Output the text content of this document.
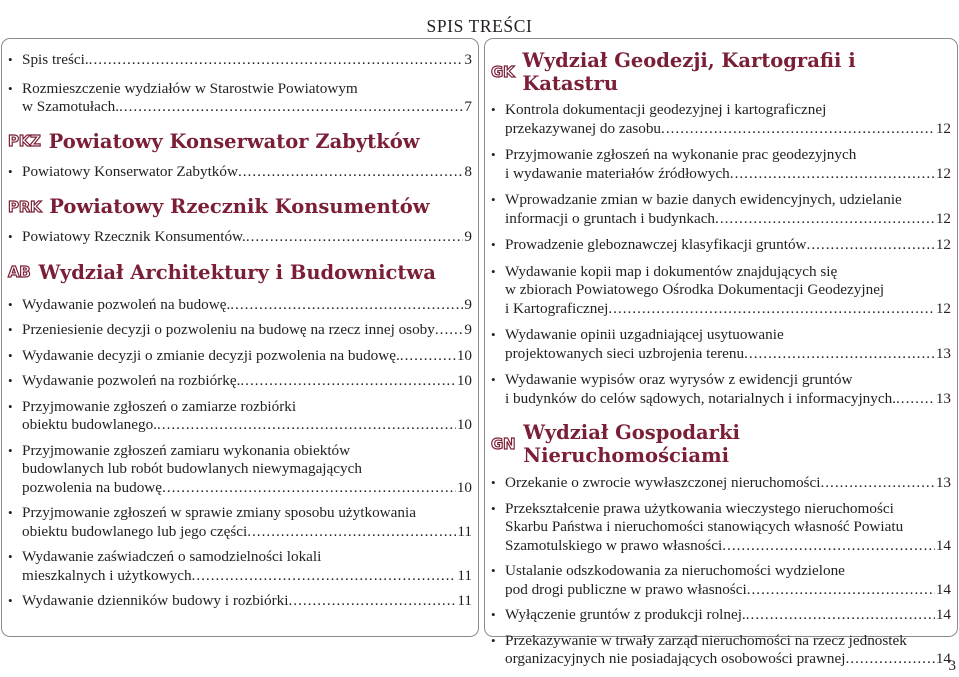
SPIS TREŚCI
• Spis treści. . . .	3
• Rozmieszczenie wydziałów w Starostwie Powiatowym
w Szamotułach. . . .	7
PKZ Powiatowy Konserwator Zabytków
• Powiatowy Konserwator Zabytków . . .	8
PRK Powiatowy Rzecznik Konsumentów
• Powiatowy Rzecznik Konsumentów. . . .	9
AB Wydział Architektury i Budownictwa
• Wydawanie pozwoleń na budowę. . . .	9
• Przeniesienie decyzji o pozwoleniu na budowę na rzecz innej osoby . . . 9
• Wydawanie decyzji o zmianie decyzji pozwolenia na budowę. . . .	10
• Wydawanie pozwoleń na rozbiórkę. . . .	10
• Przyjmowanie zgłoszeń o zamiarze rozbiórki
obiektu budowlanego. . . .	10
• Przyjmowanie zgłoszeń zamiaru wykonania obiektów
budowlanych lub robót budowlanych niewymagających
pozwolenia na budowę . . .	10
• Przyjmowanie zgłoszeń w sprawie zmiany sposobu użytkowania
obiektu budowlanego lub jego części . . .	11
• Wydawanie zaświadczeń o samodzielności lokali
mieszkalnych i użytkowych . . .	11
• Wydawanie dzienników budowy i rozbiórki . . .	11
GK Wydział Geodezji, Kartografii i Katastru
• Kontrola dokumentacji geodezyjnej i kartograficznej
przekazywanej do zasobu . . .	12
• Przyjmowanie zgłoszeń na wykonanie prac geodezyjnych
i wydawanie materiałów źródłowych . . .	12
• Wprowadzanie zmian w bazie danych ewidencyjnych, udzielanie
informacji o gruntach i budynkach . . .	12
• Prowadzenie gleboznawczej klasyfikacji gruntów . . .	12
• Wydawanie kopii map i dokumentów znajdujących się
w zbiorach Powiatowego Ośrodka Dokumentacji Geodezyjnej
i Kartograficznej . . .	12
• Wydawanie opinii uzgadniającej usytuowanie
projektowanych sieci uzbrojenia terenu . . .	13
• Wydawanie wypisów oraz wyrysów z ewidencji gruntów
i budynków do celów sądowych, notarialnych i informacyjnych. . . .	13
GN Wydział Gospodarki Nieruchomościami
• Orzekanie o zwrocie wywłaszczonej nieruchomości . . .	13
• Przekształcenie prawa użytkowania wieczystego nieruchomości
Skarbu Państwa i nieruchomości stanowiących własność Powiatu
Szamotulskiego w prawo własności . . .	14
• Ustalanie odszkodowania za nieruchomości wydzielone
pod drogi publiczne w prawo własności . . .	14
• Wyłączenie gruntów z produkcji rolnej. . . .	14
• Przekazywanie w trwały zarząd nieruchomości na rzecz jednostek
organizacyjnych nie posiadających osobowości prawnej . . .	14
3
